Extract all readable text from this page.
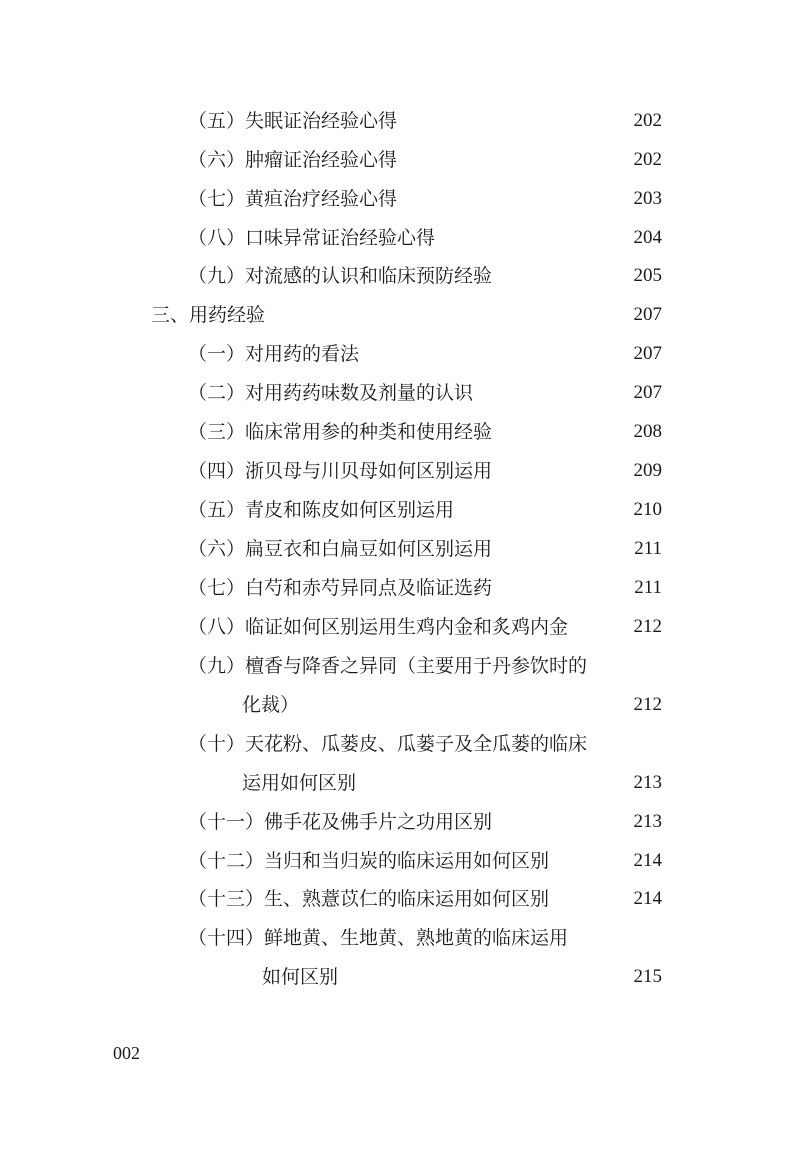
（五）失眠证治经验心得	202
（六）肿瘤证治经验心得	202
（七）黄疸治疗经验心得	203
（八）口味异常证治经验心得	204
（九）对流感的认识和临床预防经验	205
三、用药经验	207
（一）对用药的看法	207
（二）对用药药味数及剂量的认识	207
（三）临床常用参的种类和使用经验	208
（四）浙贝母与川贝母如何区别运用	209
（五）青皮和陈皮如何区别运用	210
（六）扁豆衣和白扁豆如何区别运用	211
（七）白芍和赤芍异同点及临证选药	211
（八）临证如何区别运用生鸡内金和炙鸡内金	212
（九）檀香与降香之异同（主要用于丹参饮时的
化裁）	212
（十）天花粉、瓜蒌皮、瓜蒌子及全瓜蒌的临床
运用如何区别	213
（十一）佛手花及佛手片之功用区别	213
（十二）当归和当归炭的临床运用如何区别	214
（十三）生、熟薏苡仁的临床运用如何区别	214
（十四）鲜地黄、生地黄、熟地黄的临床运用
如何区别	215
002
